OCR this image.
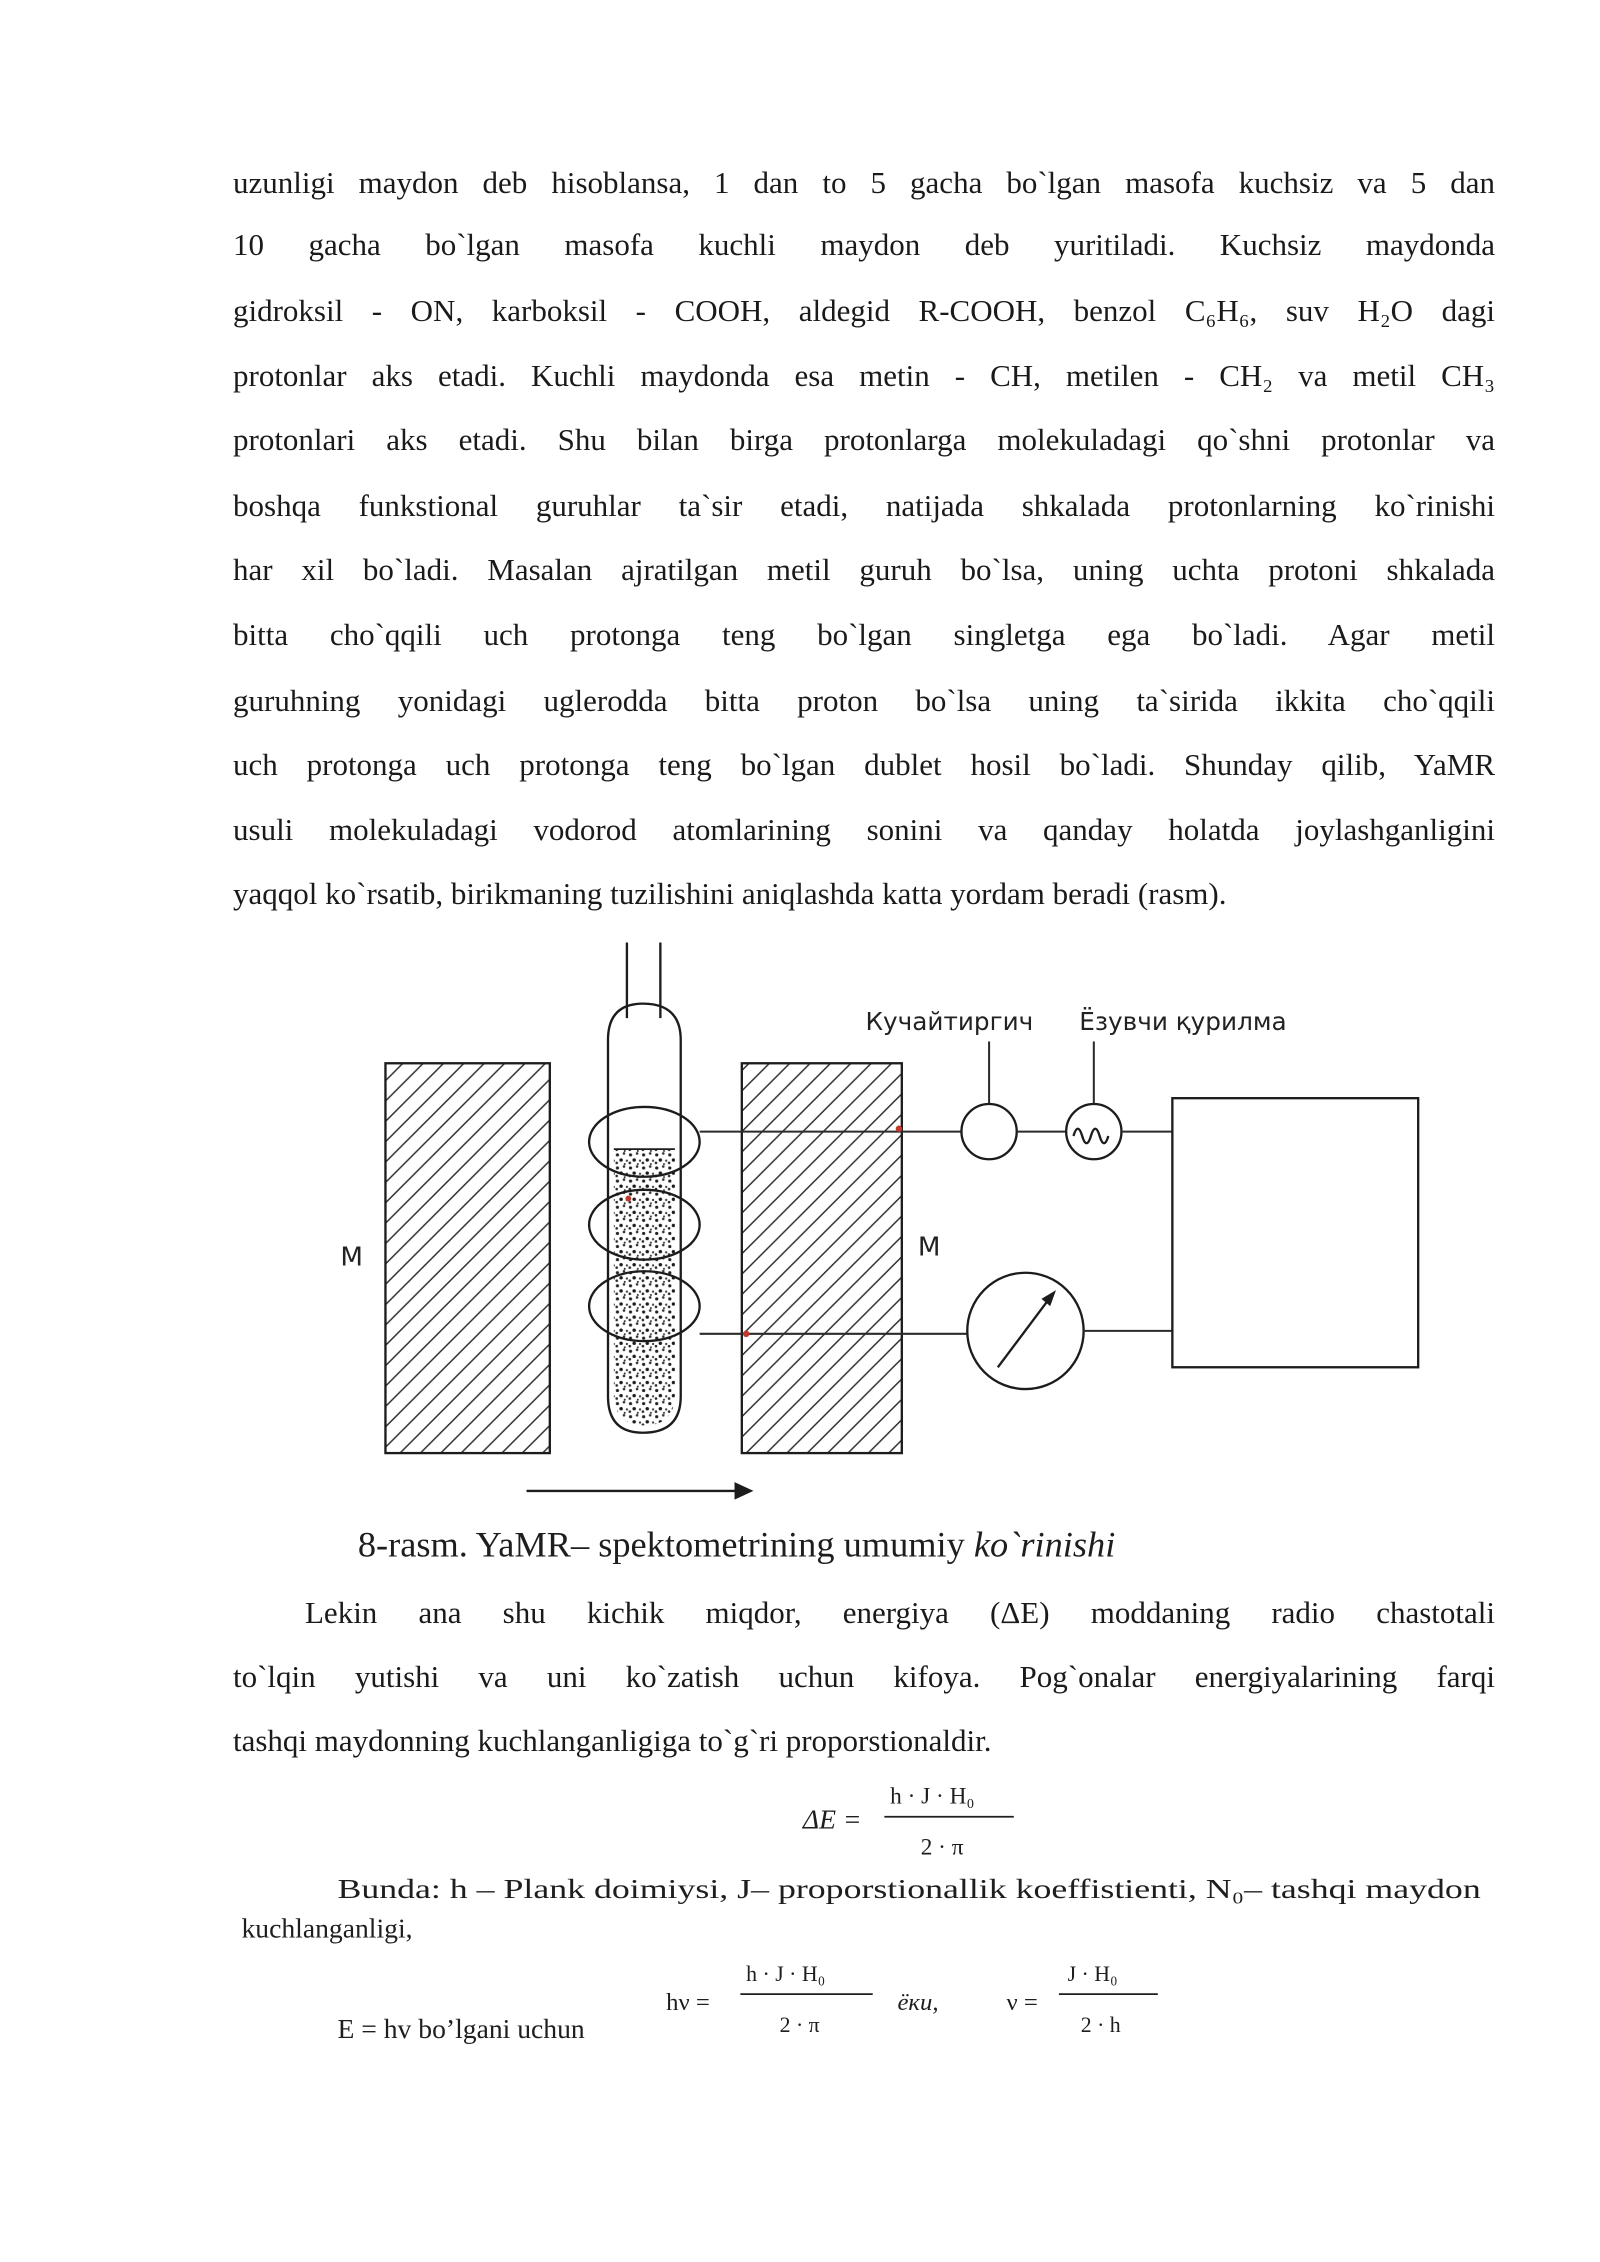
uzunligi maydon deb hisoblansa, 1 dan to 5 gacha bo`lgan masofa kuchsiz va 5 dan
10 gacha bo`lgan masofa kuchli maydon deb yuritiladi. Kuchsiz maydonda
gidroksil - ON, karboksil - COOH, aldegid R-COOH, benzol C₆H₆, suv H₂O dagi
protonlar aks etadi. Kuchli maydonda esa metin - CH, metilen - CH₂ va metil CH₃
protonlari aks etadi. Shu bilan birga protonlarga molekuladagi qo`shni protonlar va
boshqa funkstional guruhlar ta`sir etadi, natijada shkalada protonlarning ko`rinishi
har xil bo`ladi. Masalan ajratilgan metil guruh bo`lsa, uning uchta protoni shkalada
bitta cho`qqili uch protonga teng bo`lgan singletga ega bo`ladi. Agar metil
guruhning yonidagi uglerodda bitta proton bo`lsa uning ta`sirida ikkita cho`qqili
uch protonga uch protonga teng bo`lgan dublet hosil bo`ladi. Shunday qilib, YaMR
usuli molekuladagi vodorod atomlarining sonini va qanday holatda joylashganligini
yaqqol ko`rsatib, birikmaning tuzilishini aniqlashda katta yordam beradi (rasm).
Lekin ana shu kichik miqdor, energiya (ΔE) moddaning radio chastotali
to`lqin yutishi va uni ko`zatish uchun kifoya. Pog`onalar energiyalarining farqi
tashqi maydonning kuchlanganligiga to`g`ri proporstionaldir.
M	M
Кучайтиргич	Ёзувчи қурилма
8-rasm. YaMR– spektometrining umumiy ko`rinishi
ΔE =
h · J · H₀
2 · π
Bunda: h – Plank doimiysi, J– proporstionallik koeffistienti, N₀– tashqi maydon
kuchlanganligi,
E = hv bo’lgani uchun
hν =
h · J · H₀
2 · π
ёки,	ν =
J · H₀
2 · h
